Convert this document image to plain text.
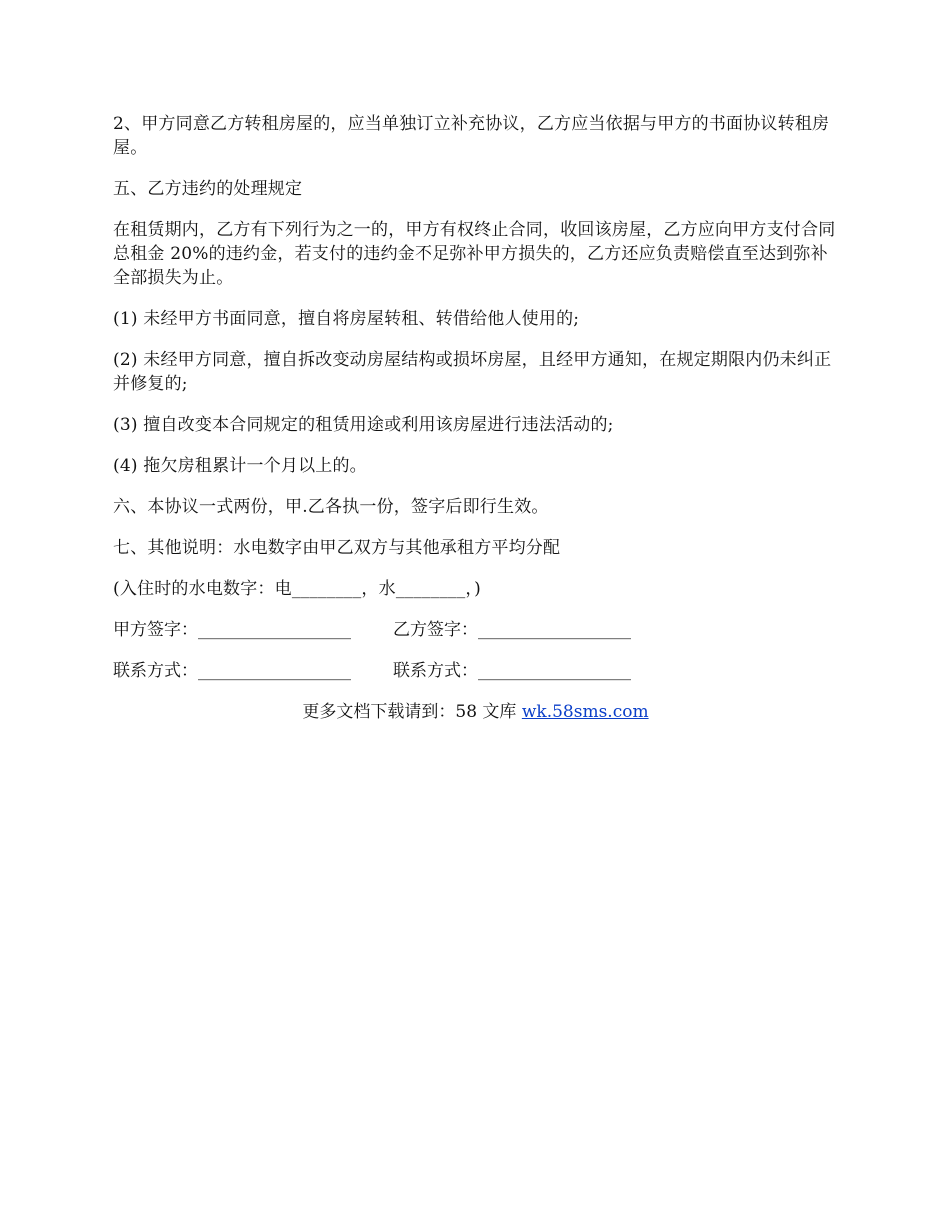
2、甲方同意乙方转租房屋的，应当单独订立补充协议，乙方应当依据与甲方的书面协议转租房屋。

五、乙方违约的处理规定

在租赁期内，乙方有下列行为之一的，甲方有权终止合同，收回该房屋，乙方应向甲方支付合同总租金 20%的违约金，若支付的违约金不足弥补甲方损失的，乙方还应负责赔偿直至达到弥补全部损失为止。

(1) 未经甲方书面同意，擅自将房屋转租、转借给他人使用的;

(2) 未经甲方同意，擅自拆改变动房屋结构或损坏房屋，且经甲方通知，在规定期限内仍未纠正并修复的;

(3) 擅自改变本合同规定的租赁用途或利用该房屋进行违法活动的;

(4) 拖欠房租累计一个月以上的。

六、本协议一式两份，甲.乙各执一份，签字后即行生效。

七、其他说明：水电数字由甲乙双方与其他承租方平均分配

(入住时的水电数字：电________，水________，)

甲方签字：__________________	乙方签字：__________________
联系方式：__________________	联系方式：__________________
更多文档下载请到：58 文库 wk.58sms.com
